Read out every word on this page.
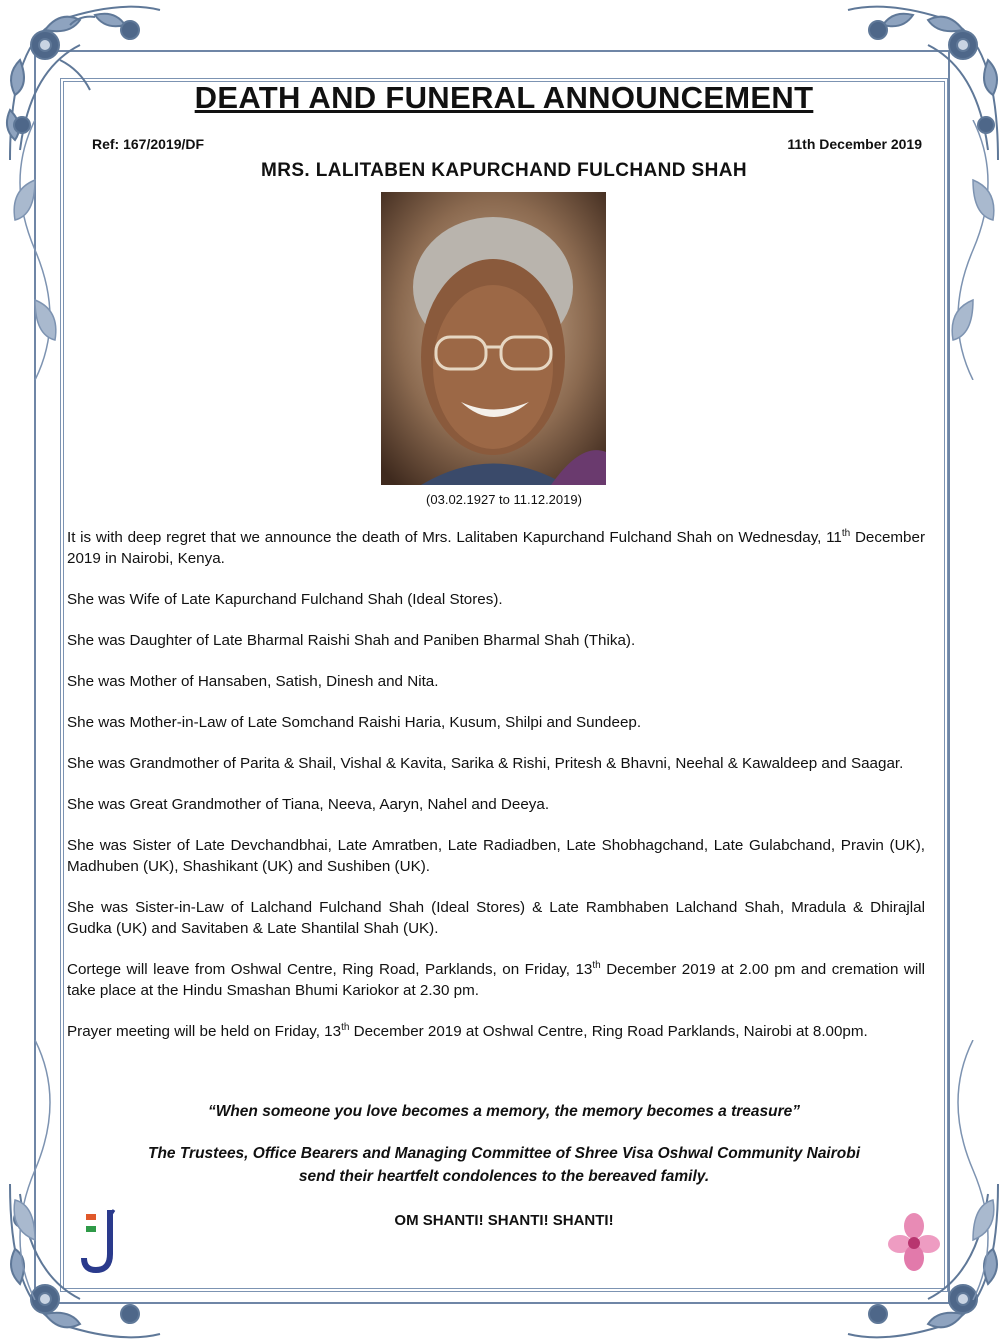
DEATH AND FUNERAL ANNOUNCEMENT
Ref: 167/2019/DF	11th December 2019
MRS. LALITABEN KAPURCHAND FULCHAND SHAH
(03.02.1927 to 11.12.2019)

It is with deep regret that we announce the death of Mrs. Lalitaben Kapurchand Fulchand Shah on Wednesday, 11th December 2019 in Nairobi, Kenya.

She was Wife of Late Kapurchand Fulchand Shah (Ideal Stores).

She was Daughter of Late Bharmal Raishi Shah and Paniben Bharmal Shah (Thika).

She was Mother of Hansaben, Satish, Dinesh and Nita.

She was Mother-in-Law of Late Somchand Raishi Haria, Kusum, Shilpi and Sundeep.

She was Grandmother of Parita & Shail, Vishal & Kavita, Sarika & Rishi, Pritesh & Bhavni, Neehal & Kawaldeep and Saagar.

She was Great Grandmother of Tiana, Neeva, Aaryn, Nahel and Deeya.

She was Sister of Late Devchandbhai, Late Amratben, Late Radiadben, Late Shobhagchand, Late Gulabchand, Pravin (UK), Madhuben (UK), Shashikant (UK) and Sushiben (UK).

She was Sister-in-Law of Lalchand Fulchand Shah (Ideal Stores) & Late Rambhaben Lalchand Shah, Mradula & Dhirajlal Gudka (UK) and Savitaben & Late Shantilal Shah (UK).

Cortege will leave from Oshwal Centre, Ring Road, Parklands, on Friday, 13th December 2019 at 2.00 pm and cremation will take place at the Hindu Smashan Bhumi Kariokor at 2.30 pm.

Prayer meeting will be held on Friday, 13th December 2019 at Oshwal Centre, Ring Road Parklands, Nairobi at 8.00pm.

“When someone you love becomes a memory, the memory becomes a treasure”
The Trustees, Office Bearers and Managing Committee of Shree Visa Oshwal Community Nairobi
send their heartfelt condolences to the bereaved family.
OM SHANTI! SHANTI! SHANTI!
